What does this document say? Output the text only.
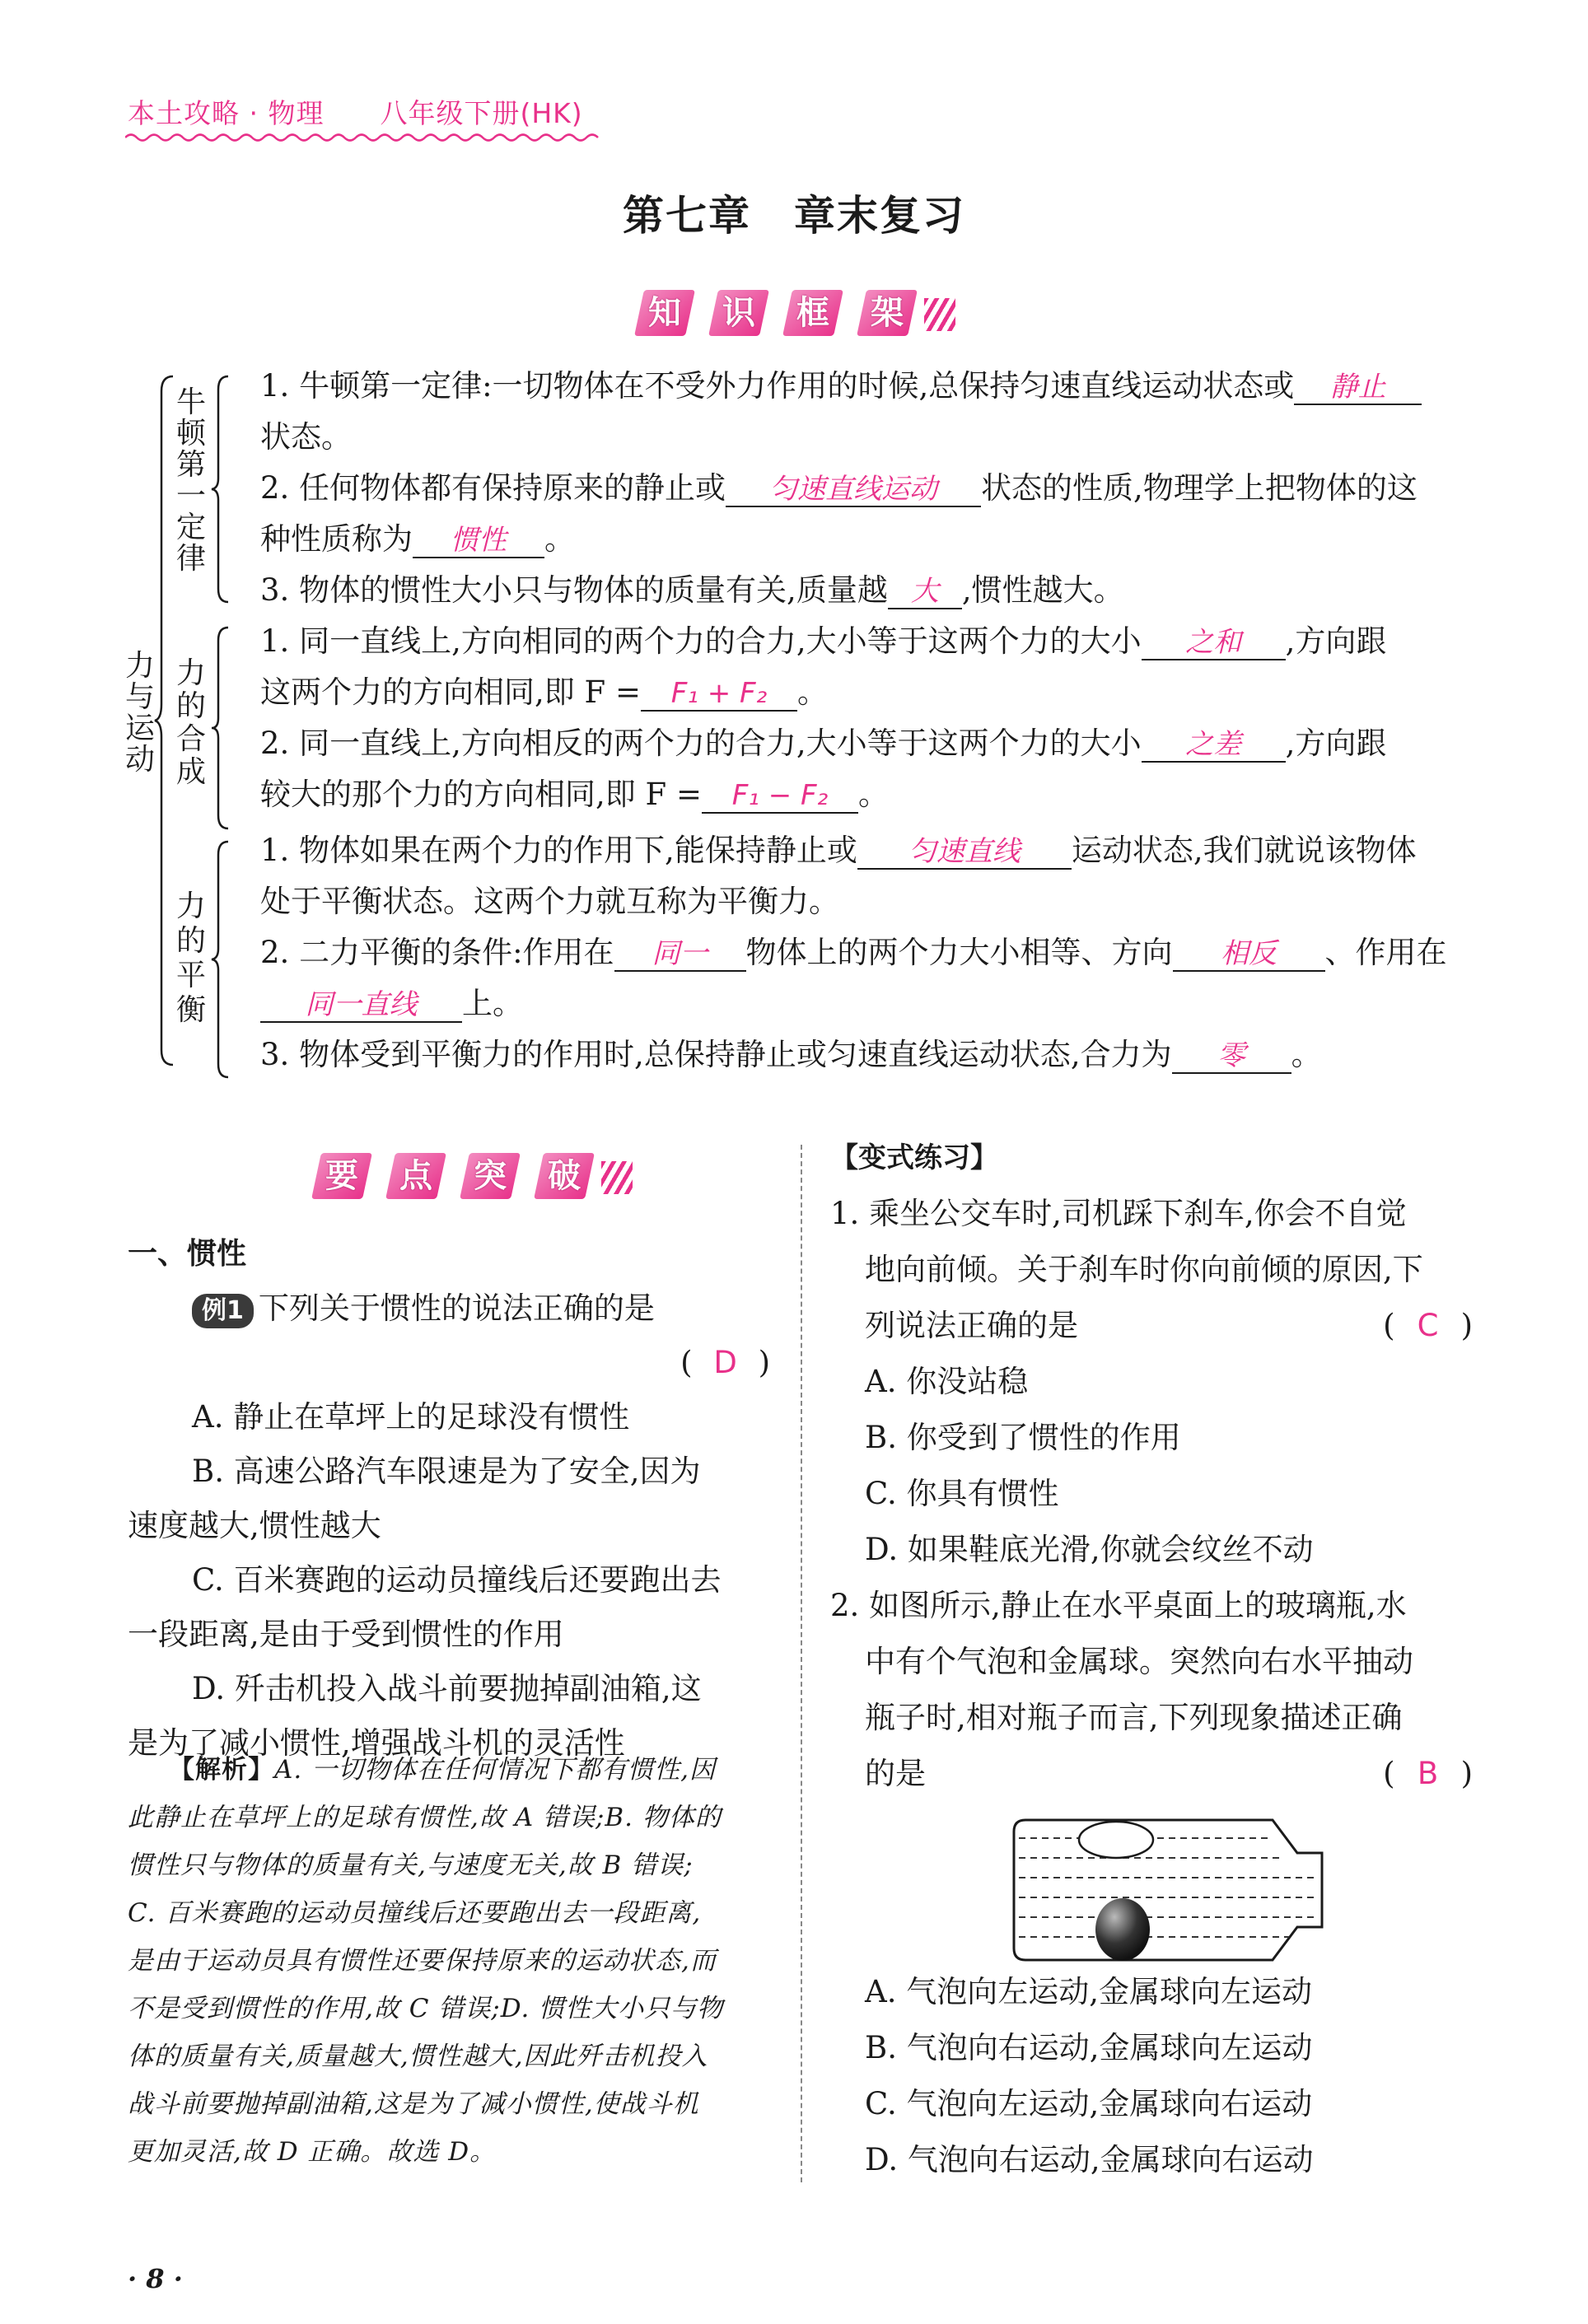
本土攻略 · 物理　　八年级下册(HK)
第七章　章末复习
知 识 框 架
力与运动
牛顿第一定律
力的合成
力的平衡
1. 牛顿第一定律:一切物体在不受外力作用的时候,总保持匀速直线运动状态或 静止
状态。
2. 任何物体都有保持原来的静止或 匀速直线运动 状态的性质,物理学上把物体的这
种性质称为 惯性 。
3. 物体的惯性大小只与物体的质量有关,质量越 大 ,惯性越大。
1. 同一直线上,方向相同的两个力的合力,大小等于这两个力的大小 之和 ,方向跟
这两个力的方向相同,即 F = F₁ + F₂ 。
2. 同一直线上,方向相反的两个力的合力,大小等于这两个力的大小 之差 ,方向跟
较大的那个力的方向相同,即 F = F₁ − F₂ 。
1. 物体如果在两个力的作用下,能保持静止或 匀速直线 运动状态,我们就说该物体
处于平衡状态。这两个力就互称为平衡力。
2. 二力平衡的条件:作用在 同一 物体上的两个力大小相等、方向 相反 、作用在
同一直线 上。
3. 物体受到平衡力的作用时,总保持静止或匀速直线运动状态,合力为 零 。
要 点 突 破

一、惯性

例1 下列关于惯性的说法正确的是

( D )

A. 静止在草坪上的足球没有惯性

B. 高速公路汽车限速是为了安全,因为

速度越大,惯性越大

C. 百米赛跑的运动员撞线后还要跑出去

一段距离,是由于受到惯性的作用

D. 歼击机投入战斗前要抛掉副油箱,这

是为了减小惯性,增强战斗机的灵活性

【解析】A. 一切物体在任何情况下都有惯性,因
此静止在草坪上的足球有惯性,故 A 错误;B. 物体的
惯性只与物体的质量有关,与速度无关,故 B 错误;
C. 百米赛跑的运动员撞线后还要跑出去一段距离,
是由于运动员具有惯性还要保持原来的运动状态,而
不是受到惯性的作用,故 C 错误;D. 惯性大小只与物
体的质量有关,质量越大,惯性越大,因此歼击机投入
战斗前要抛掉副油箱,这是为了减小惯性,使战斗机
更加灵活,故 D 正确。故选 D。

【变式练习】

1. 乘坐公交车时,司机踩下刹车,你会不自觉

地向前倾。关于刹车时你向前倾的原因,下

列说法正确的是	( C )

A. 你没站稳

B. 你受到了惯性的作用

C. 你具有惯性

D. 如果鞋底光滑,你就会纹丝不动

2. 如图所示,静止在水平桌面上的玻璃瓶,水

中有个气泡和金属球。突然向右水平抽动

瓶子时,相对瓶子而言,下列现象描述正确

的是	( B )

A. 气泡向左运动,金属球向左运动

B. 气泡向右运动,金属球向左运动

C. 气泡向左运动,金属球向右运动

D. 气泡向右运动,金属球向右运动

· 8 ·
